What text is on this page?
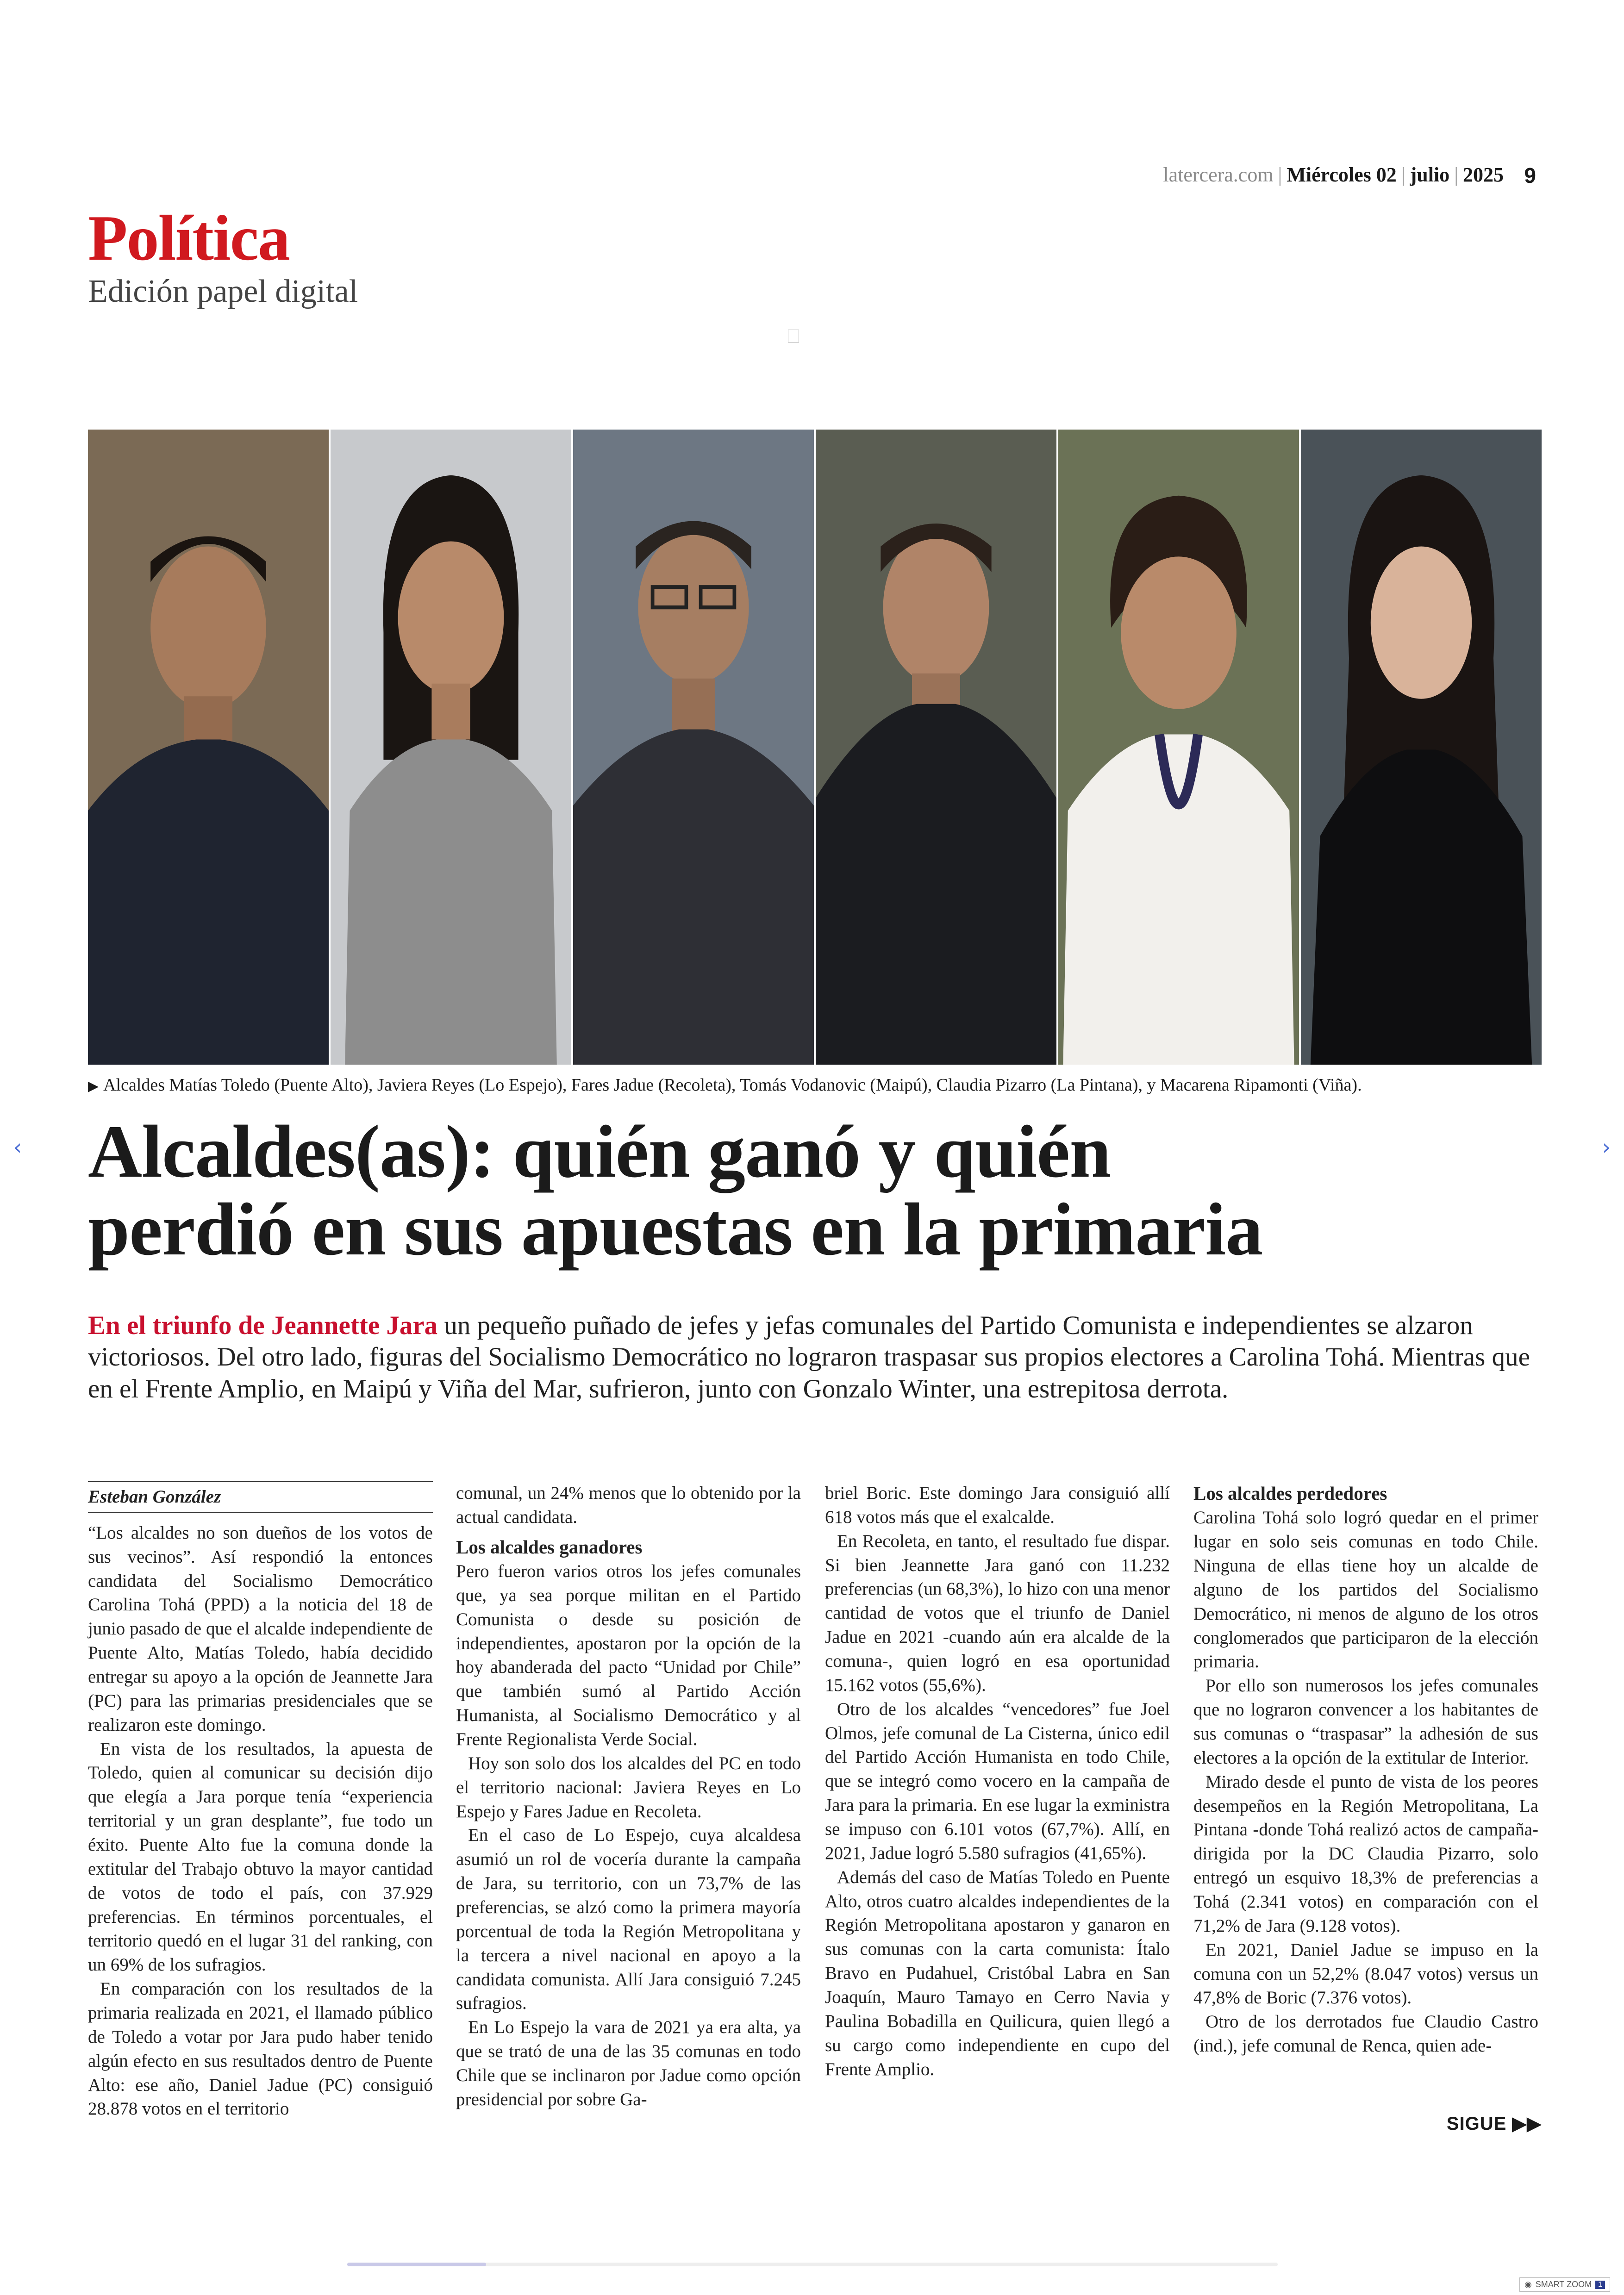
latercera.com | Miércoles 02 | julio | 2025 9
Política
Edición papel digital
▶ Alcaldes Matías Toledo (Puente Alto), Javiera Reyes (Lo Espejo), Fares Jadue (Recoleta), Tomás Vodanovic (Maipú), Claudia Pizarro (La Pintana), y Macarena Ripamonti (Viña).
‹	›
Alcaldes(as): quién ganó y quién
perdió en sus apuestas en la primaria
En el triunfo de Jeannette Jara un pequeño puñado de jefes y jefas comunales del Partido Comunista e independientes se alzaron victoriosos. Del otro lado, figuras del Socialismo Democrático no lograron traspasar sus propios electores a Carolina Tohá. Mientras que en el Frente Amplio, en Maipú y Viña del Mar, sufrieron, junto con Gonzalo Winter, una estrepitosa derrota.
Esteban González

“Los alcaldes no son dueños de los votos de sus vecinos”. Así respondió la entonces candidata del Socialismo Democrático Carolina Tohá (PPD) a la noticia del 18 de junio pasado de que el alcalde independiente de Puente Alto, Matías Toledo, había decidido entregar su apoyo a la opción de Jeannette Jara (PC) para las primarias presidenciales que se realizaron este domingo.

En vista de los resultados, la apuesta de Toledo, quien al comunicar su decisión dijo que elegía a Jara porque tenía “experiencia territorial y un gran desplante”, fue todo un éxito. Puente Alto fue la comuna donde la extitular del Trabajo obtuvo la mayor cantidad de votos de todo el país, con 37.929 preferencias. En términos porcentuales, el territorio quedó en el lugar 31 del ranking, con un 69% de los sufragios.

En comparación con los resultados de la primaria realizada en 2021, el llamado público de Toledo a votar por Jara pudo haber tenido algún efecto en sus resultados dentro de Puente Alto: ese año, Daniel Jadue (PC) consiguió 28.878 votos en el territorio

comunal, un 24% menos que lo obtenido por la actual candidata.

Los alcaldes ganadores

Pero fueron varios otros los jefes comunales que, ya sea porque militan en el Partido Comunista o desde su posición de independientes, apostaron por la opción de la hoy abanderada del pacto “Unidad por Chile” que también sumó al Partido Acción Humanista, al Socialismo Democrático y al Frente Regionalista Verde Social.

Hoy son solo dos los alcaldes del PC en todo el territorio nacional: Javiera Reyes en Lo Espejo y Fares Jadue en Recoleta.

En el caso de Lo Espejo, cuya alcaldesa asumió un rol de vocería durante la campaña de Jara, su territorio, con un 73,7% de las preferencias, se alzó como la primera mayoría porcentual de toda la Región Metropolitana y la tercera a nivel nacional en apoyo a la candidata comunista. Allí Jara consiguió 7.245 sufragios.

En Lo Espejo la vara de 2021 ya era alta, ya que se trató de una de las 35 comunas en todo Chile que se inclinaron por Jadue como opción presidencial por sobre Ga-

briel Boric. Este domingo Jara consiguió allí 618 votos más que el exalcalde.

En Recoleta, en tanto, el resultado fue dispar. Si bien Jeannette Jara ganó con 11.232 preferencias (un 68,3%), lo hizo con una menor cantidad de votos que el triunfo de Daniel Jadue en 2021 -cuando aún era alcalde de la comuna-, quien logró en esa oportunidad 15.162 votos (55,6%).

Otro de los alcaldes “vencedores” fue Joel Olmos, jefe comunal de La Cisterna, único edil del Partido Acción Humanista en todo Chile, que se integró como vocero en la campaña de Jara para la primaria. En ese lugar la exministra se impuso con 6.101 votos (67,7%). Allí, en 2021, Jadue logró 5.580 sufragios (41,65%).

Además del caso de Matías Toledo en Puente Alto, otros cuatro alcaldes independientes de la Región Metropolitana apostaron y ganaron en sus comunas con la carta comunista: Ítalo Bravo en Pudahuel, Cristóbal Labra en San Joaquín, Mauro Tamayo en Cerro Navia y Paulina Bobadilla en Quilicura, quien llegó a su cargo como independiente en cupo del Frente Amplio.

Los alcaldes perdedores

Carolina Tohá solo logró quedar en el primer lugar en solo seis comunas en todo Chile. Ninguna de ellas tiene hoy un alcalde de alguno de los partidos del Socialismo Democrático, ni menos de alguno de los otros conglomerados que participaron de la elección primaria.

Por ello son numerosos los jefes comunales que no lograron convencer a los habitantes de sus comunas o “traspasar” la adhesión de sus electores a la opción de la extitular de Interior.

Mirado desde el punto de vista de los peores desempeños en la Región Metropolitana, La Pintana -donde Tohá realizó actos de campaña- dirigida por la DC Claudia Pizarro, solo entregó un esquivo 18,3% de preferencias a Tohá (2.341 votos) en comparación con el 71,2% de Jara (9.128 votos).

En 2021, Daniel Jadue se impuso en la comuna con un 52,2% (8.047 votos) versus un 47,8% de Boric (7.376 votos).

Otro de los derrotados fue Claudio Castro (ind.), jefe comunal de Renca, quien ade-

SIGUE ▶▶
◉ SMART ZOOM 1
